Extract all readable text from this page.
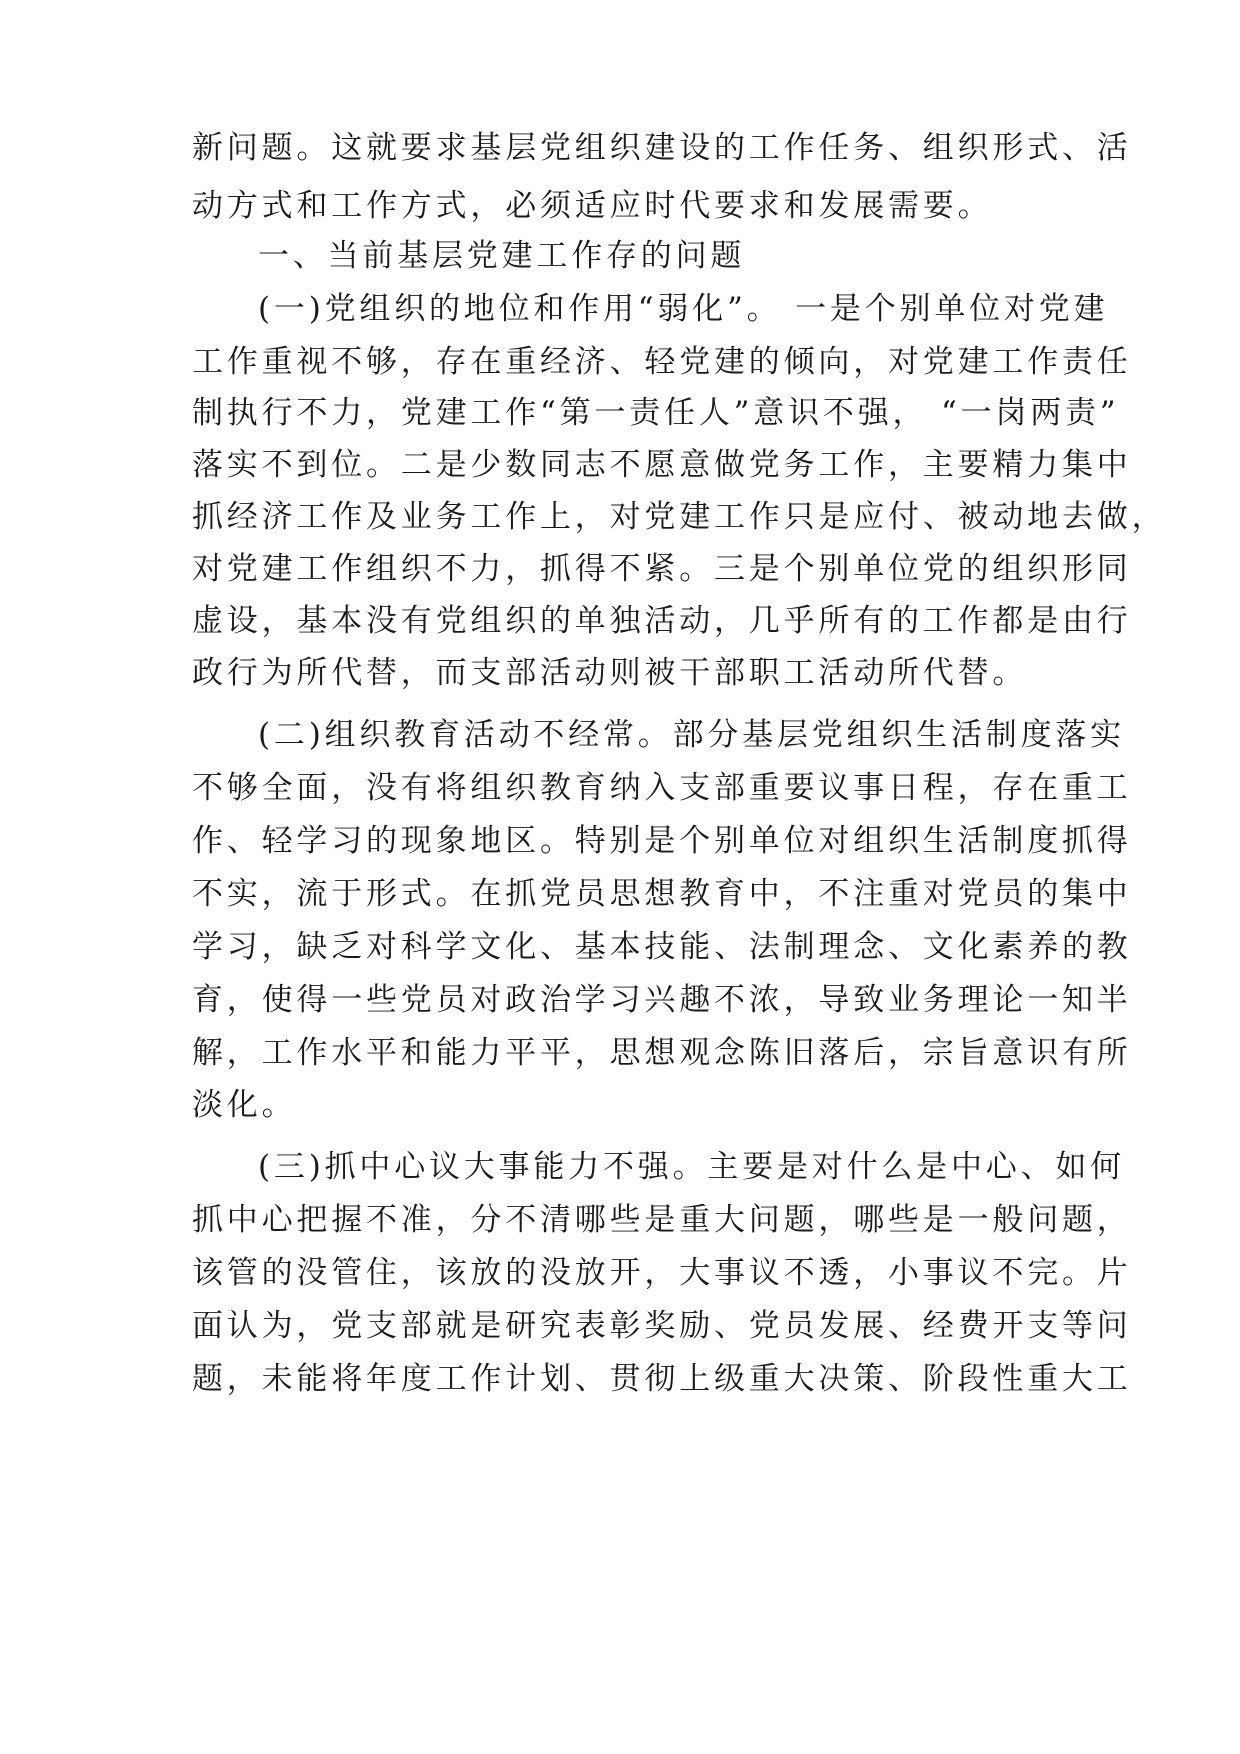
新问题。这就要求基层党组织建设的工作任务、组织形式、活
动方式和工作方式，必须适应时代要求和发展需要。
一、当前基层党建工作存的问题
(一)党组织的地位和作用“弱化”。 一是个别单位对党建
工作重视不够，存在重经济、轻党建的倾向，对党建工作责任
制执行不力，党建工作“第一责任人”意识不强， “一岗两责”
落实不到位。二是少数同志不愿意做党务工作，主要精力集中
抓经济工作及业务工作上，对党建工作只是应付、被动地去做，
对党建工作组织不力，抓得不紧。三是个别单位党的组织形同
虚设，基本没有党组织的单独活动，几乎所有的工作都是由行
政行为所代替，而支部活动则被干部职工活动所代替。
(二)组织教育活动不经常。部分基层党组织生活制度落实
不够全面，没有将组织教育纳入支部重要议事日程，存在重工
作、轻学习的现象地区。特别是个别单位对组织生活制度抓得
不实，流于形式。在抓党员思想教育中，不注重对党员的集中
学习，缺乏对科学文化、基本技能、法制理念、文化素养的教
育，使得一些党员对政治学习兴趣不浓，导致业务理论一知半
解，工作水平和能力平平，思想观念陈旧落后，宗旨意识有所
淡化。
(三)抓中心议大事能力不强。主要是对什么是中心、如何
抓中心把握不准，分不清哪些是重大问题，哪些是一般问题，
该管的没管住，该放的没放开，大事议不透，小事议不完。片
面认为，党支部就是研究表彰奖励、党员发展、经费开支等问
题，未能将年度工作计划、贯彻上级重大决策、阶段性重大工
